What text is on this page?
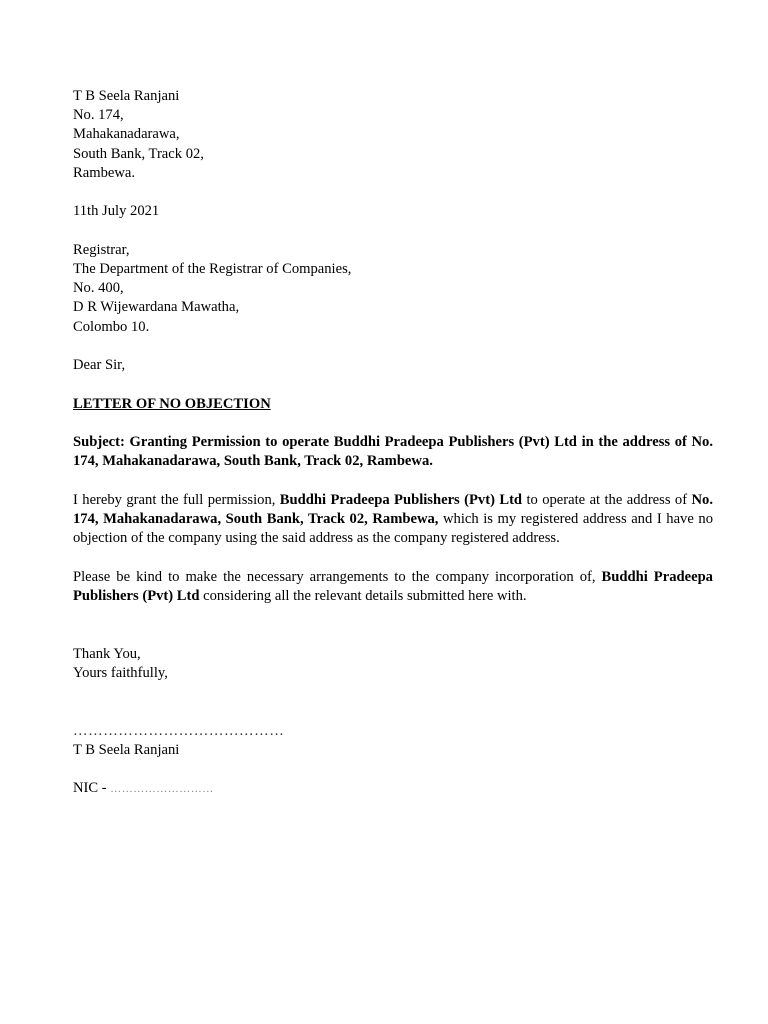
T B Seela Ranjani
No. 174,
Mahakanadarawa,
South Bank, Track 02,
Rambewa.
11th July 2021
Registrar,
The Department of the Registrar of Companies,
No. 400,
D R Wijewardana Mawatha,
Colombo 10.
Dear Sir,
LETTER OF NO OBJECTION
Subject: Granting Permission to operate Buddhi Pradeepa Publishers (Pvt) Ltd in the address of No. 174, Mahakanadarawa, South Bank, Track 02, Rambewa.
I hereby grant the full permission, Buddhi Pradeepa Publishers (Pvt) Ltd to operate at the address of No. 174, Mahakanadarawa, South Bank, Track 02, Rambewa, which is my registered address and I have no objection of the company using the said address as the company registered address.
Please be kind to make the necessary arrangements to the company incorporation of, Buddhi Pradeepa Publishers (Pvt) Ltd considering all the relevant details submitted here with.
Thank You,
Yours faithfully,
……………………………………
T B Seela Ranjani
NIC - ………………………
